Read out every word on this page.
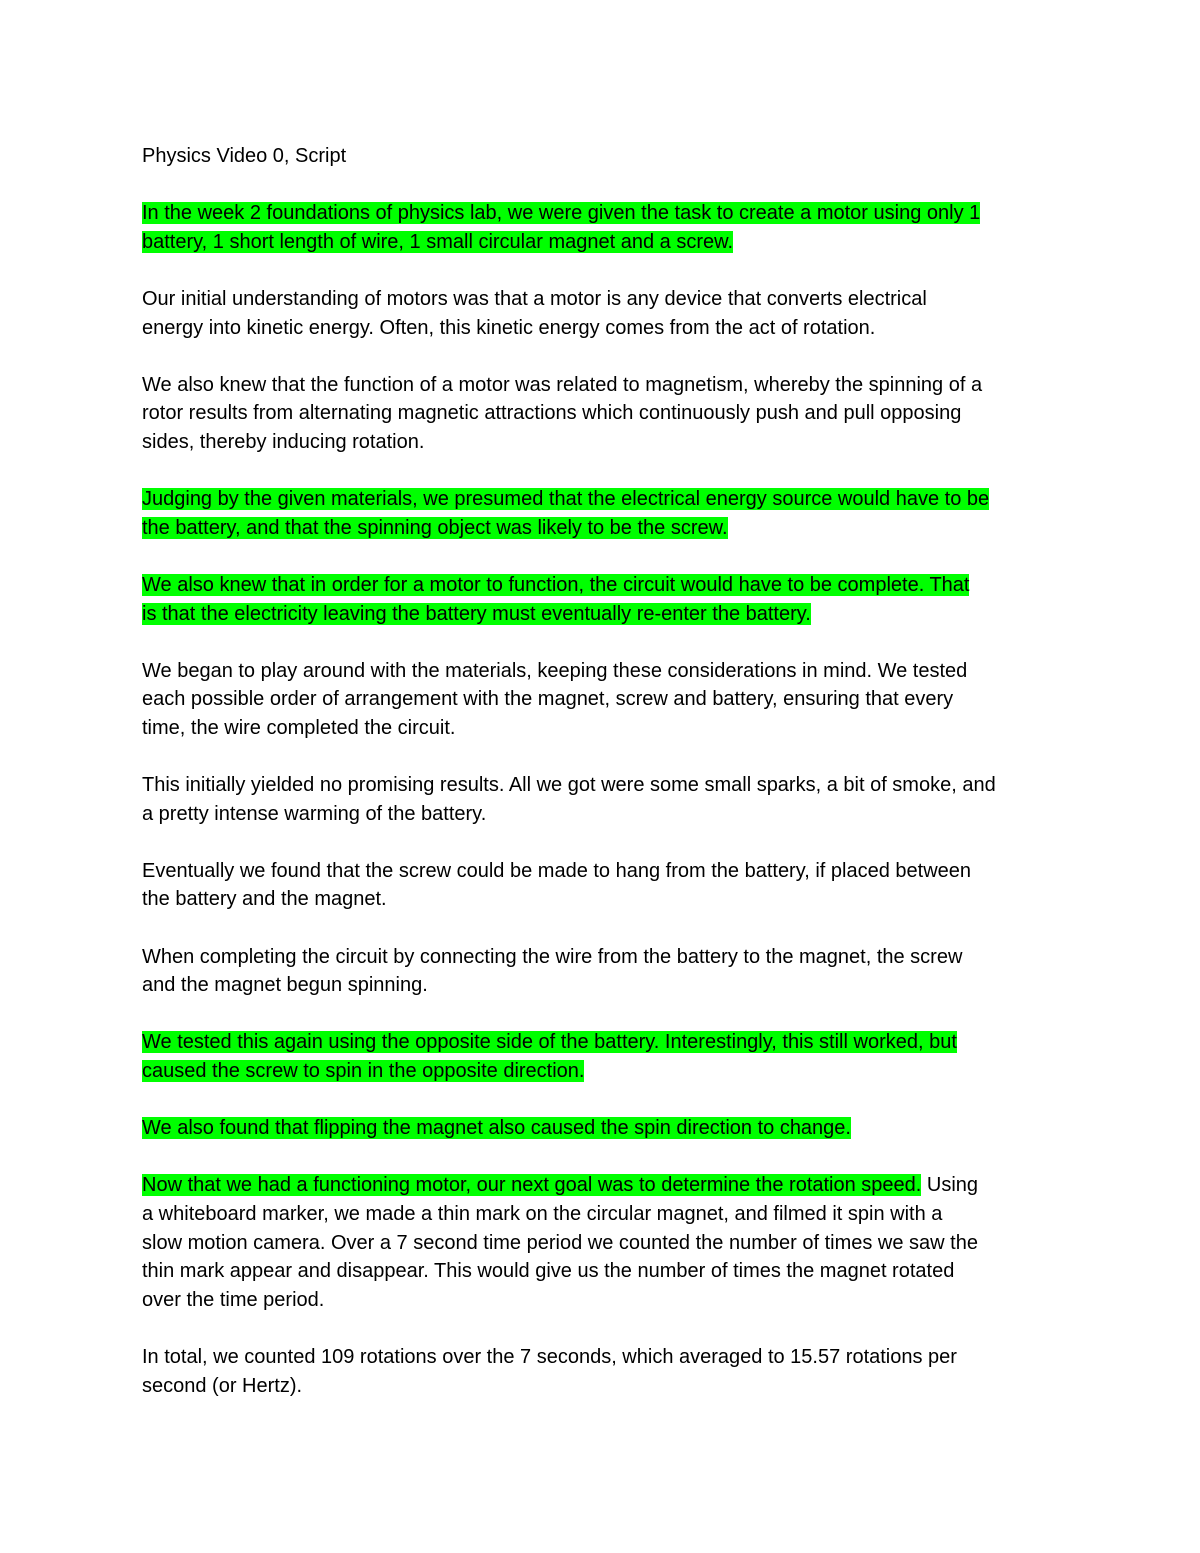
Physics Video 0, Script
In the week 2 foundations of physics lab, we were given the task to create a motor using only 1
battery, 1 short length of wire, 1 small circular magnet and a screw.
Our initial understanding of motors was that a motor is any device that converts electrical
energy into kinetic energy. Often, this kinetic energy comes from the act of rotation.
We also knew that the function of a motor was related to magnetism, whereby the spinning of a
rotor results from alternating magnetic attractions which continuously push and pull opposing
sides, thereby inducing rotation.
Judging by the given materials, we presumed that the electrical energy source would have to be
the battery, and that the spinning object was likely to be the screw.
We also knew that in order for a motor to function, the circuit would have to be complete. That
is that the electricity leaving the battery must eventually re-enter the battery.
We began to play around with the materials, keeping these considerations in mind. We tested
each possible order of arrangement with the magnet, screw and battery, ensuring that every
time, the wire completed the circuit.
This initially yielded no promising results. All we got were some small sparks, a bit of smoke, and
a pretty intense warming of the battery.
Eventually we found that the screw could be made to hang from the battery, if placed between
the battery and the magnet.
When completing the circuit by connecting the wire from the battery to the magnet, the screw
and the magnet begun spinning.
We tested this again using the opposite side of the battery. Interestingly, this still worked, but
caused the screw to spin in the opposite direction.
We also found that flipping the magnet also caused the spin direction to change.
Now that we had a functioning motor, our next goal was to determine the rotation speed. Using
a whiteboard marker, we made a thin mark on the circular magnet, and filmed it spin with a
slow motion camera. Over a 7 second time period we counted the number of times we saw the
thin mark appear and disappear. This would give us the number of times the magnet rotated
over the time period.
In total, we counted 109 rotations over the 7 seconds, which averaged to 15.57 rotations per
second (or Hertz).
